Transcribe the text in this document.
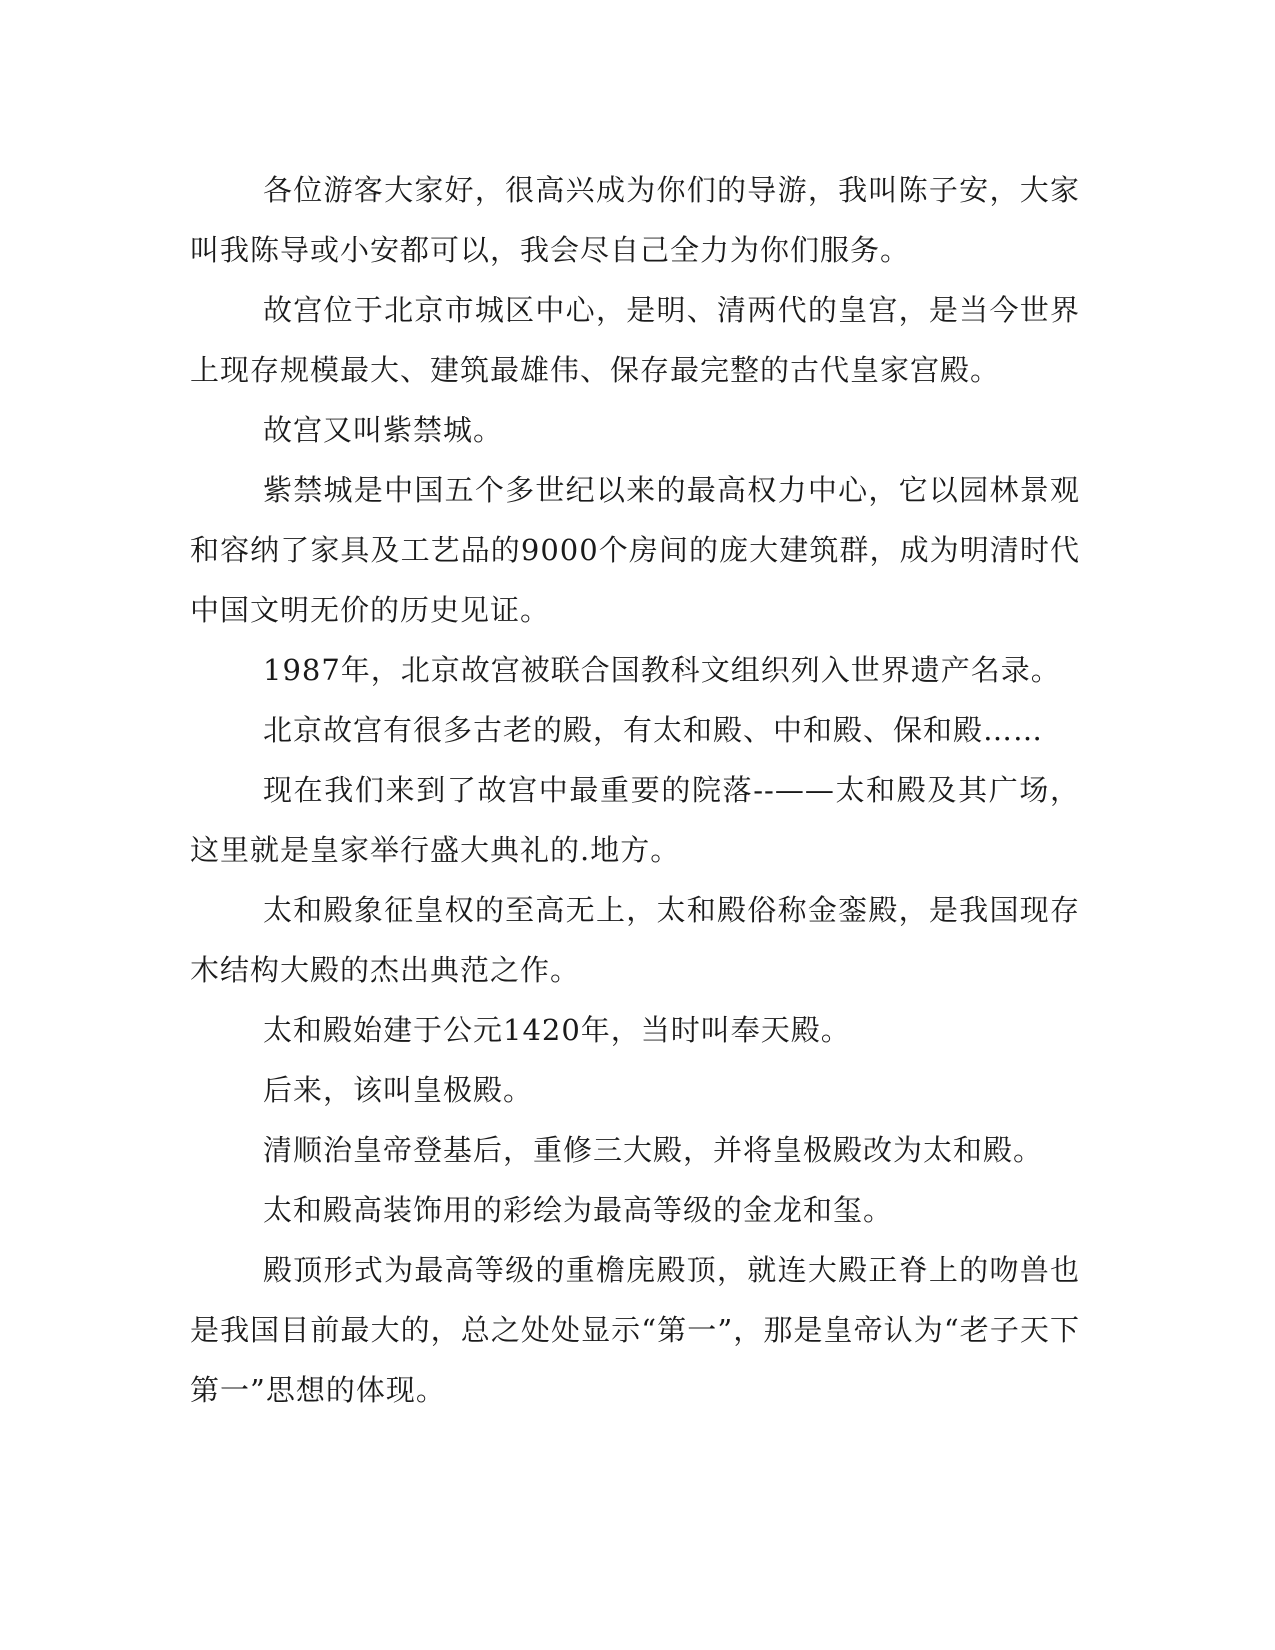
各位游客大家好，很高兴成为你们的导游，我叫陈子安，大家叫我陈导或小安都可以，我会尽自己全力为你们服务。

故宫位于北京市城区中心，是明、清两代的皇宫，是当今世界上现存规模最大、建筑最雄伟、保存最完整的古代皇家宫殿。

故宫又叫紫禁城。

紫禁城是中国五个多世纪以来的最高权力中心，它以园林景观和容纳了家具及工艺品的9000个房间的庞大建筑群，成为明清时代中国文明无价的历史见证。

1987年，北京故宫被联合国教科文组织列入世界遗产名录。

北京故宫有很多古老的殿，有太和殿、中和殿、保和殿……

现在我们来到了故宫中最重要的院落--——太和殿及其广场，这里就是皇家举行盛大典礼的.地方。

太和殿象征皇权的至高无上，太和殿俗称金銮殿，是我国现存木结构大殿的杰出典范之作。

太和殿始建于公元1420年，当时叫奉天殿。

后来，该叫皇极殿。

清顺治皇帝登基后，重修三大殿，并将皇极殿改为太和殿。

太和殿高装饰用的彩绘为最高等级的金龙和玺。

殿顶形式为最高等级的重檐庑殿顶，就连大殿正脊上的吻兽也是我国目前最大的，总之处处显示“第一”，那是皇帝认为“老子天下第一”思想的体现。
